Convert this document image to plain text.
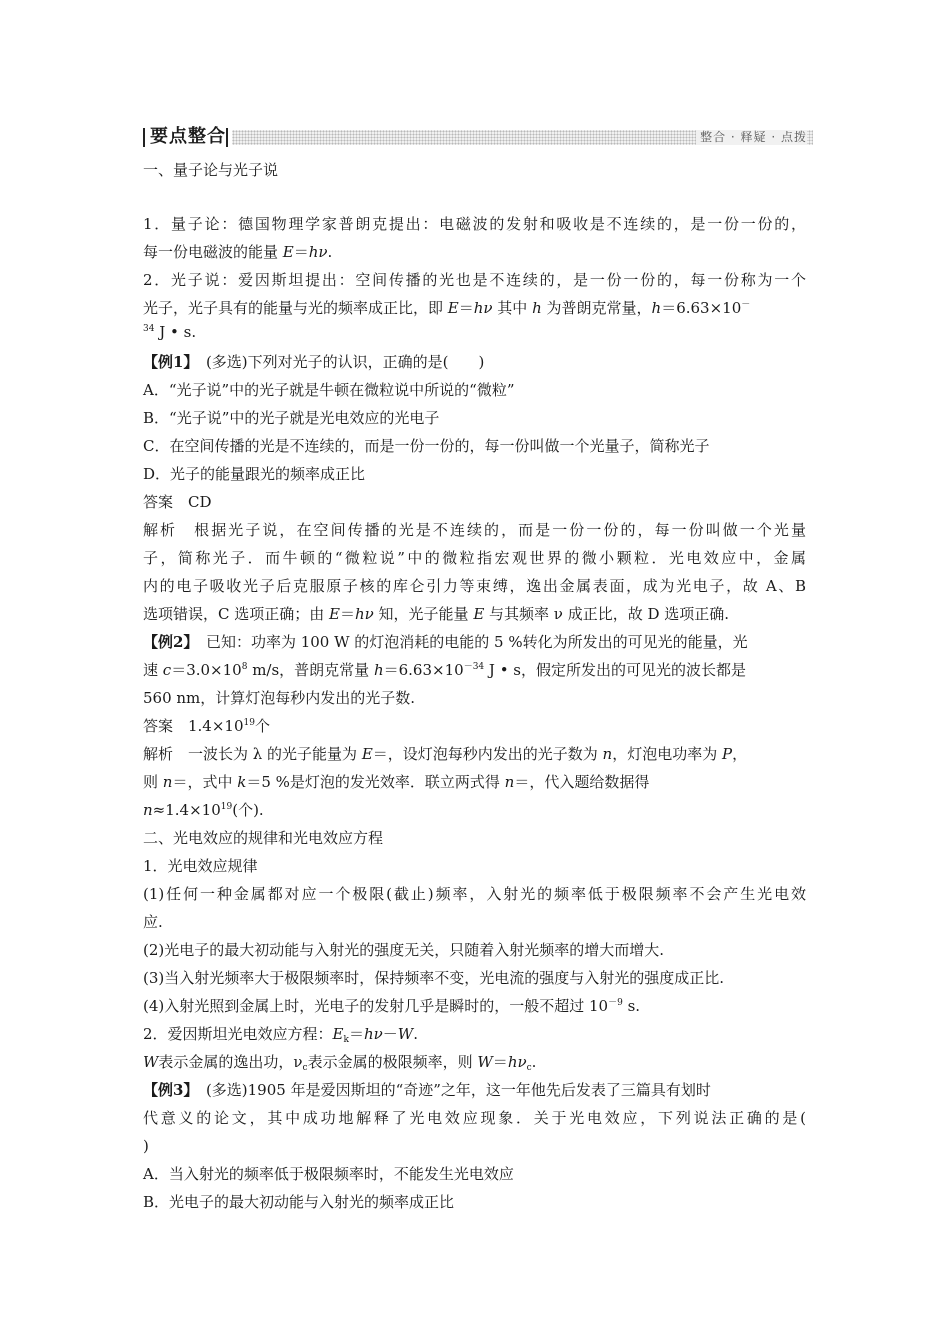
要点整合	整合 · 释疑 · 点拨
一、量子论与光子说
1．量子论：德国物理学家普朗克提出：电磁波的发射和吸收是不连续的，是一份一份的，
每一份电磁波的能量 E＝hν.
2．光子说：爱因斯坦提出：空间传播的光也是不连续的，是一份一份的，每一份称为一个
光子，光子具有的能量与光的频率成正比，即 E＝hν 其中 h 为普朗克常量，h＝6.63×10－
$^{34}$ J • s.
【例1】　(多选)下列对光子的认识，正确的是(　　)
A．“光子说”中的光子就是牛顿在微粒说中所说的“微粒”
B．“光子说”中的光子就是光电效应的光电子
C．在空间传播的光是不连续的，而是一份一份的，每一份叫做一个光量子，简称光子
D．光子的能量跟光的频率成正比
答案　CD
解析　根据光子说，在空间传播的光是不连续的，而是一份一份的，每一份叫做一个光量
子，简称光子．而牛顿的“微粒说”中的微粒指宏观世界的微小颗粒．光电效应中，金属
内的电子吸收光子后克服原子核的库仑引力等束缚，逸出金属表面，成为光电子，故 A、B
选项错误，C 选项正确；由 E＝hν 知，光子能量 E 与其频率 ν 成正比，故 D 选项正确.
【例2】　已知：功率为 100 W 的灯泡消耗的电能的 5 %转化为所发出的可见光的能量，光
速 $c=3.0\times 10^8$ m/s，普朗克常量 $h=6.63\times 10^{-34}$ J • s，假定所发出的可见光的波长都是
560 nm，计算灯泡每秒内发出的光子数.
答案　$1.4\times 10^{19}$个
解析　一波长为 λ 的光子能量为 E＝，设灯泡每秒内发出的光子数为 n，灯泡电功率为 P，
则 n＝，式中 k＝5 %是灯泡的发光效率．联立两式得 n＝，代入题给数据得
$n\approx 1.4\times 10^{19}$(个).
二、光电效应的规律和光电效应方程
1．光电效应规律
(1)任何一种金属都对应一个极限(截止)频率，入射光的频率低于极限频率不会产生光电效
应.
(2)光电子的最大初动能与入射光的强度无关，只随着入射光频率的增大而增大.
(3)当入射光频率大于极限频率时，保持频率不变，光电流的强度与入射光的强度成正比.
(4)入射光照到金属上时，光电子的发射几乎是瞬时的，一般不超过 $10^{-9}$ s.
2．爱因斯坦光电效应方程：$E_k=h\nu-W$.
W表示金属的逸出功，$\nu_c$表示金属的极限频率，则 $W=h\nu_c$.
【例3】　(多选)1905 年是爱因斯坦的“奇迹”之年，这一年他先后发表了三篇具有划时
代意义的论文，其中成功地解释了光电效应现象．关于光电效应，下列说法正确的是(
)
A．当入射光的频率低于极限频率时，不能发生光电效应
B．光电子的最大初动能与入射光的频率成正比
